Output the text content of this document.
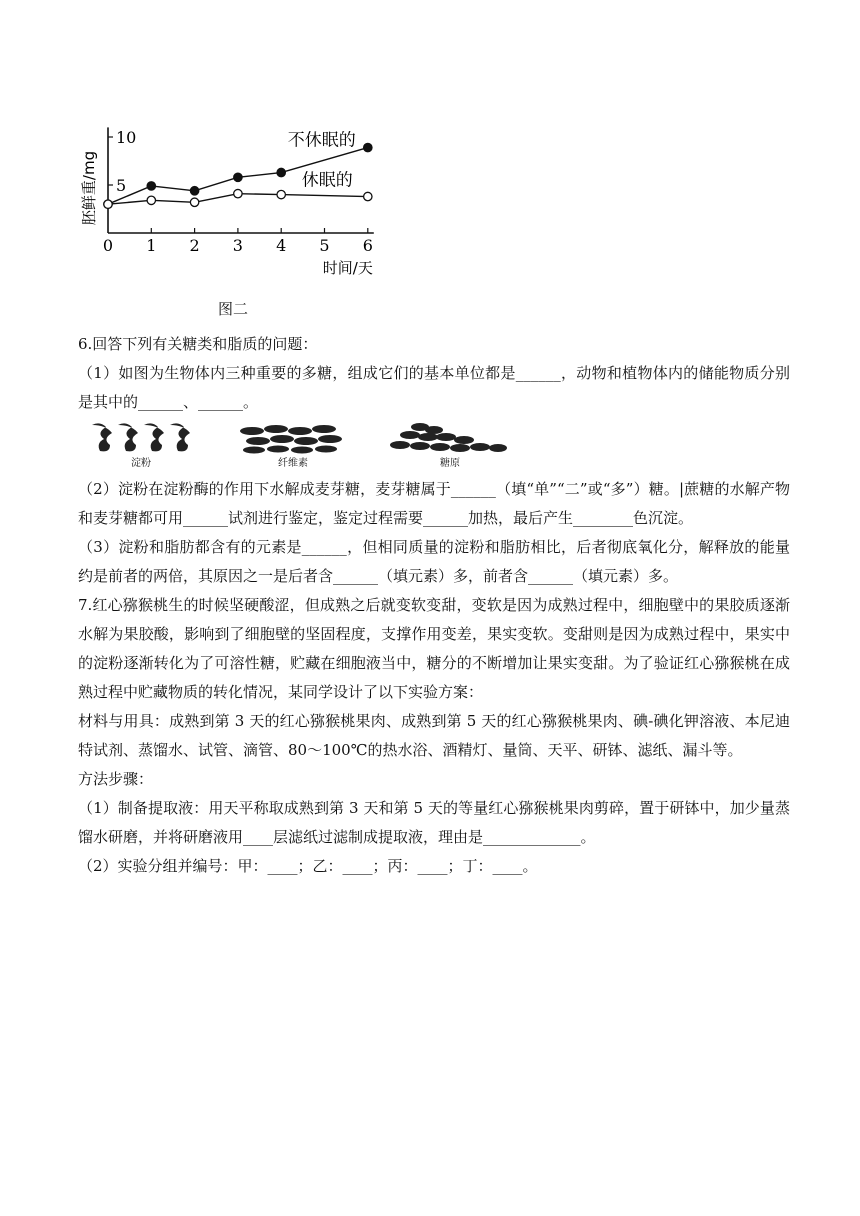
0 1 2 3 4 5 6
5
10
胚鲜重/mg
时间/天
不休眠的
休眠的
图二

6.回答下列有关糖类和脂质的问题：

（1）如图为生物体内三种重要的多糖，组成它们的基本单位都是______，动物和植物体内的储能物质分别是其中的______、______。

淀粉	纤维素	糖原

（2）淀粉在淀粉酶的作用下水解成麦芽糖，麦芽糖属于______（填“单”“二”或“多”）糖。|蔗糖的水解产物和麦芽糖都可用______试剂进行鉴定，鉴定过程需要______加热，最后产生________色沉淀。

（3）淀粉和脂肪都含有的元素是______，但相同质量的淀粉和脂肪相比，后者彻底氧化分，解释放的能量约是前者的两倍，其原因之一是后者含______（填元素）多，前者含______（填元素）多。

7.红心猕猴桃生的时候坚硬酸涩，但成熟之后就变软变甜，变软是因为成熟过程中，细胞壁中的果胶质逐渐水解为果胶酸，影响到了细胞壁的坚固程度，支撑作用变差，果实变软。变甜则是因为成熟过程中，果实中的淀粉逐渐转化为了可溶性糖，贮藏在细胞液当中，糖分的不断增加让果实变甜。为了验证红心猕猴桃在成熟过程中贮藏物质的转化情况，某同学设计了以下实验方案：

材料与用具：成熟到第 3 天的红心猕猴桃果肉、成熟到第 5 天的红心猕猴桃果肉、碘-碘化钾溶液、本尼迪特试剂、蒸馏水、试管、滴管、80～100℃的热水浴、酒精灯、量筒、天平、研钵、滤纸、漏斗等。

方法步骤：

（1）制备提取液：用天平称取成熟到第 3 天和第 5 天的等量红心猕猴桃果肉剪碎，置于研钵中，加少量蒸馏水研磨，并将研磨液用____层滤纸过滤制成提取液，理由是_____________。

（2）实验分组并编号：甲：____；乙：____；丙：____；丁：____。
